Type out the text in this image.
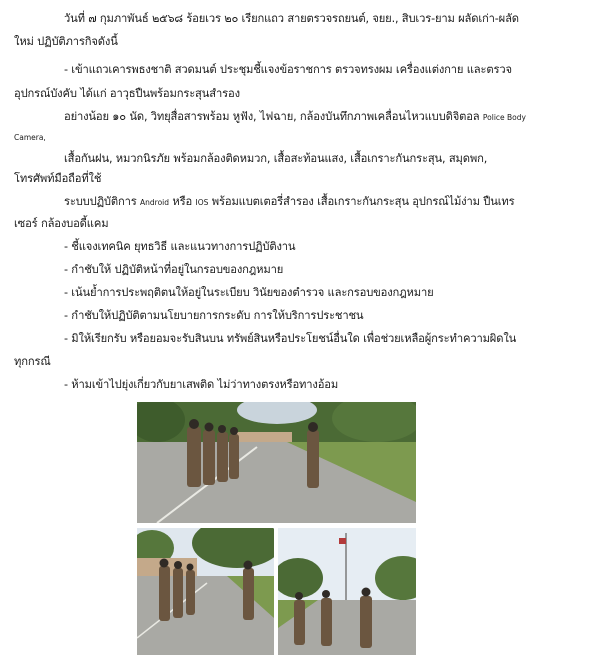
วันที่ ๗ กุมภาพันธ์ ๒๕๖๘ ร้อยเวร ๒๐ เรียกแถว สายตรวจรถยนต์, จยย., สิบเวร-ยาม ผลัดเก่า-ผลัด
ใหม่ ปฏิบัติภารกิจดังนี้
- เข้าแถวเคารพธงชาติ สวดมนต์ ประชุมชี้แจงข้อราชการ ตรวจทรงผม เครื่องแต่งกาย และตรวจ
อุปกรณ์บังคับ ได้แก่ อาวุธปืนพร้อมกระสุนสำรอง
อย่างน้อย ๑๐ นัด, วิทยุสื่อสารพร้อม หูฟัง, ไฟฉาย, กล้องบันทึกภาพเคลื่อนไหวแบบดิจิตอล Police Body
Camera,
เสื้อกันฝน, หมวกนิรภัย พร้อมกล้องติดหมวก, เสื้อสะท้อนแสง, เสื้อเกราะกันกระสุน, สมุดพก,
โทรศัพท์มือถือที่ใช้
ระบบปฏิบัติการ Android หรือ IOS พร้อมแบตเตอรี่สำรอง เสื้อเกราะกันกระสุน อุปกรณ์ไม้ง่าม ปืนเทร
เซอร์ กล้องบอดี้แคม
- ชี้แจงเทคนิค ยุทธวิธี และแนวทางการปฏิบัติงาน
- กำชับให้ ปฏิบัติหน้าที่อยู่ในกรอบของกฎหมาย
- เน้นย้ำการประพฤติตนให้อยู่ในระเบียบ วินัยของตำรวจ และกรอบของกฎหมาย
- กำชับให้ปฏิบัติตามนโยบายการกระดับ การให้บริการประชาชน
- มิให้เรียกรับ หรือยอมจะรับสินบน ทรัพย์สินหรือประโยชน์อื่นใด เพื่อช่วยเหลือผู้กระทำความผิดใน
ทุกกรณี
- ห้ามเข้าไปยุ่งเกี่ยวกับยาเสพติด ไม่ว่าทางตรงหรือทางอ้อม
